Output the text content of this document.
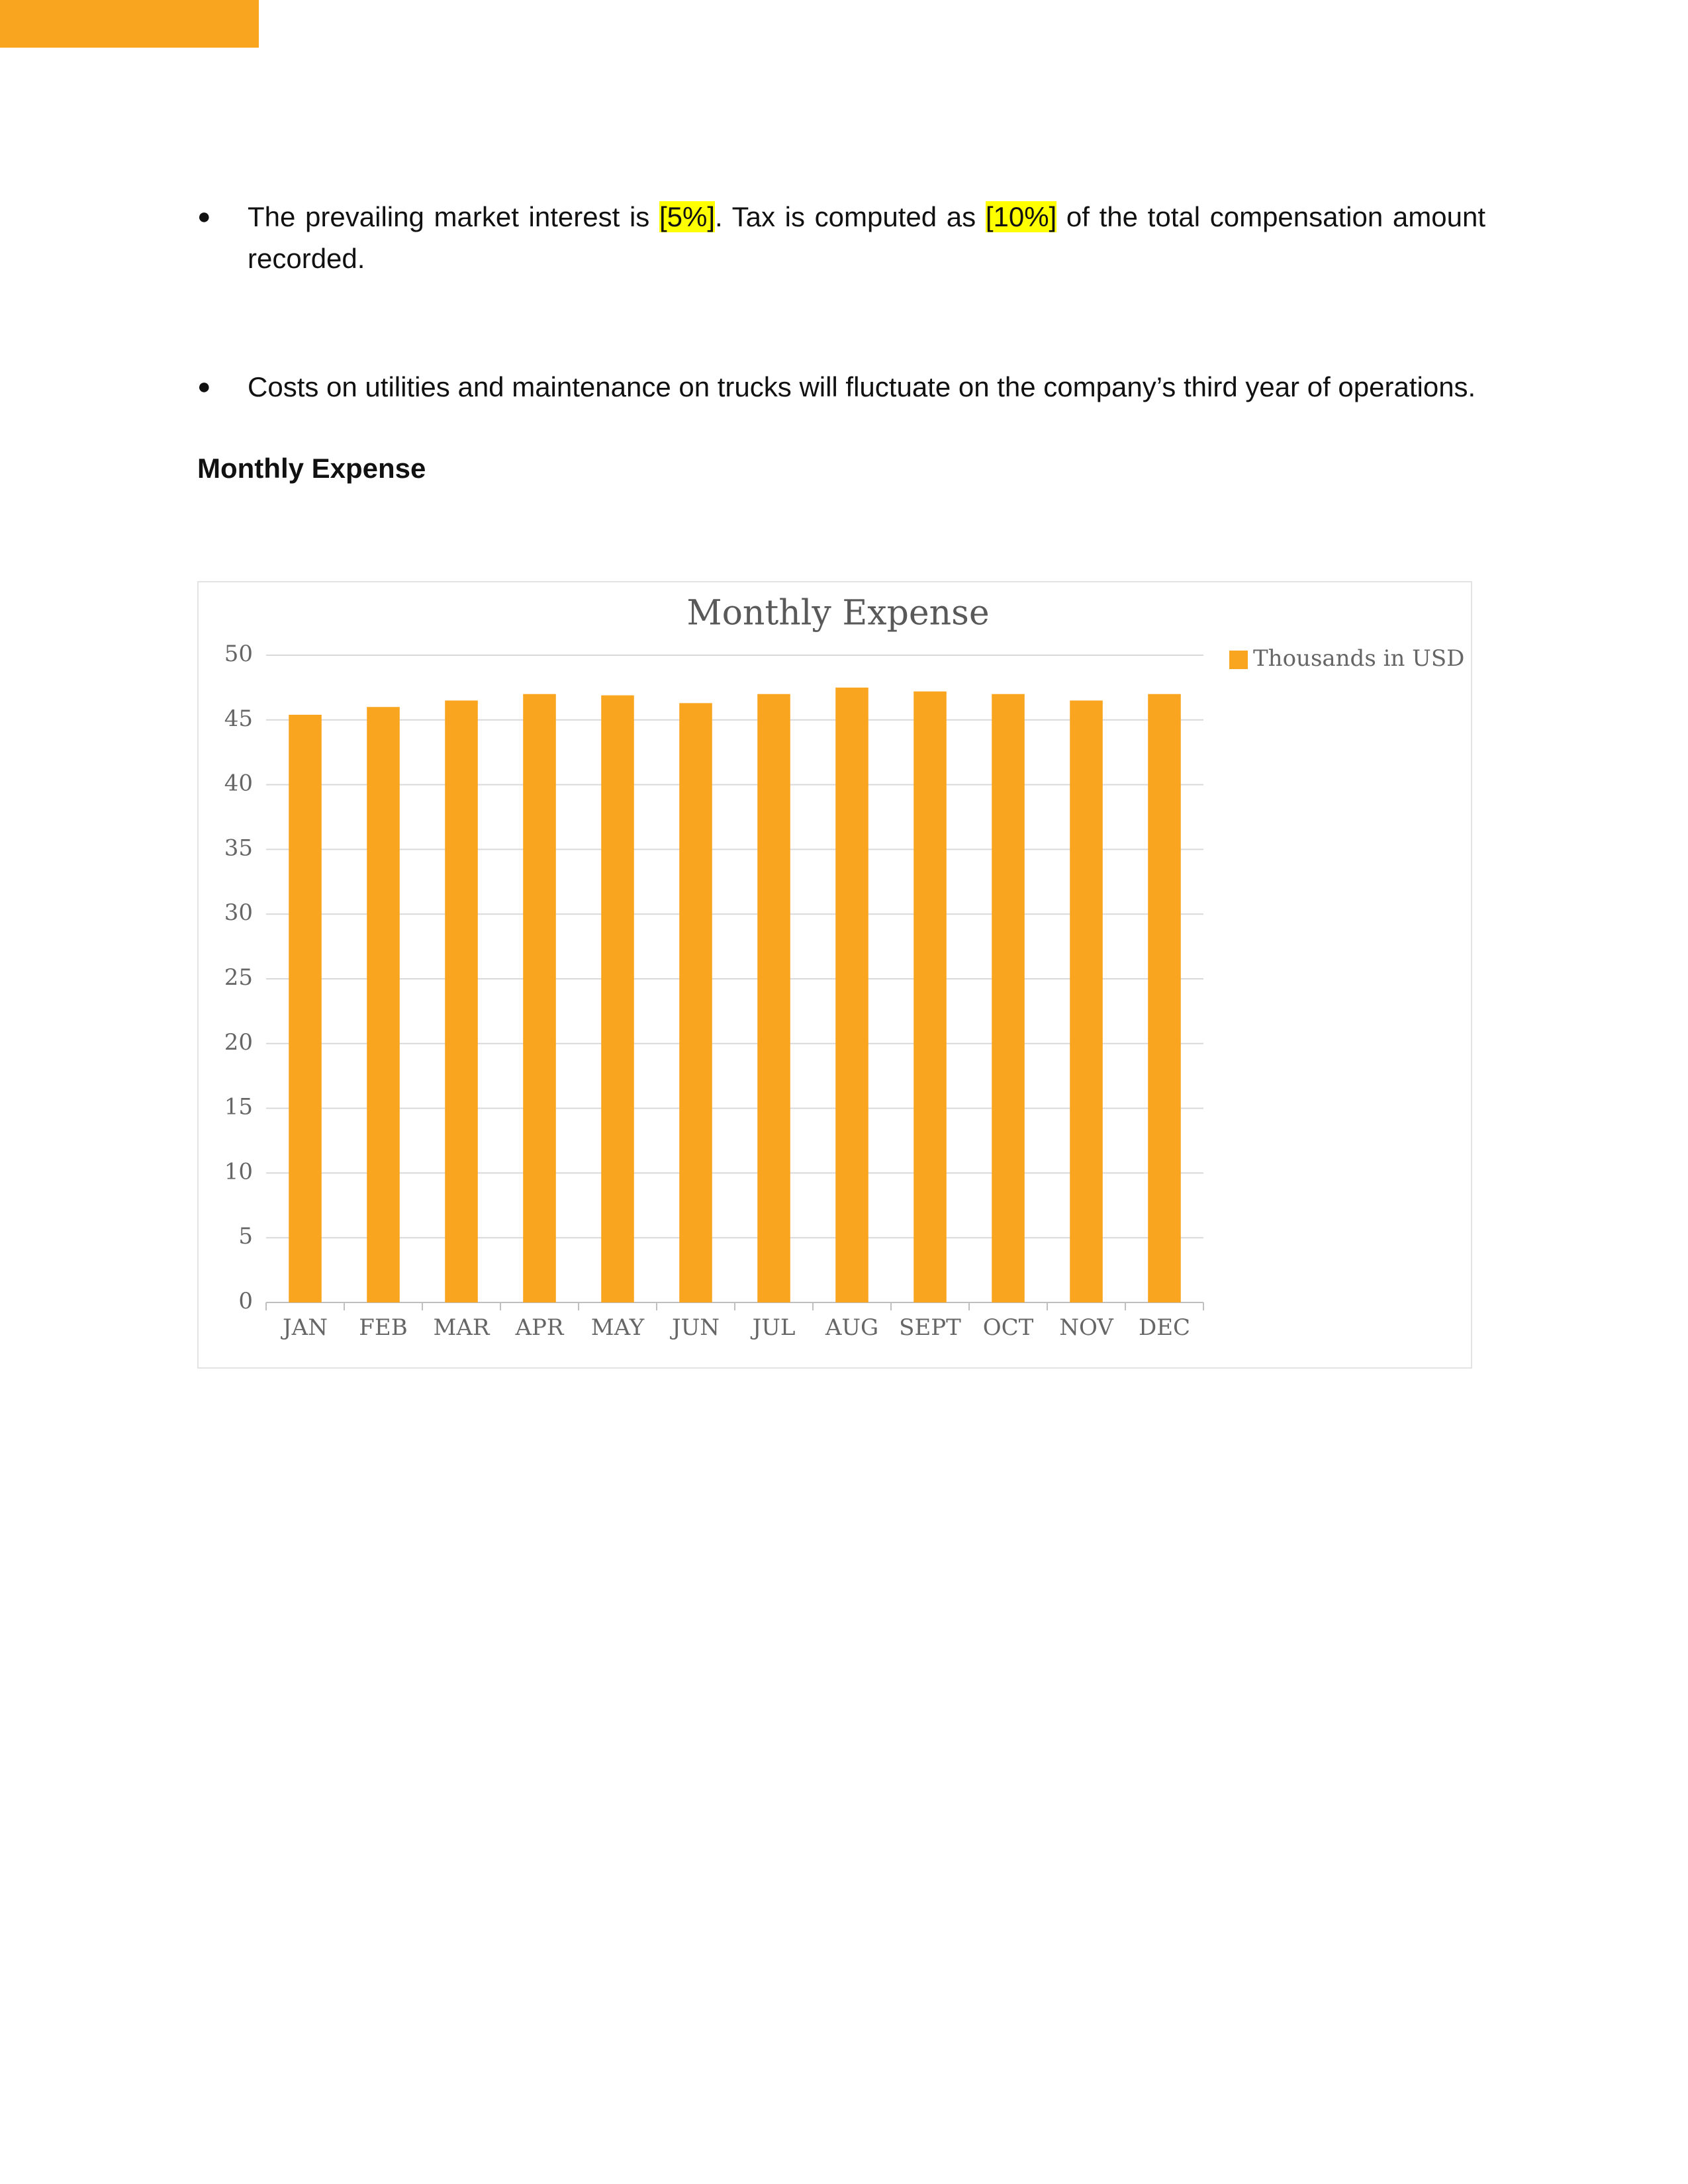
● The prevailing market interest is [5%]. Tax is computed as [10%] of the total compensation amount recorded.
● Costs on utilities and maintenance on trucks will fluctuate on the company’s third year of operations.
Monthly Expense
Monthly Expense
0
5
10
15
20
25
30
35
40
45
50
JAN FEB MAR APR MAY JUN JUL AUG SEPT OCT NOV DEC
Thousands in USD
